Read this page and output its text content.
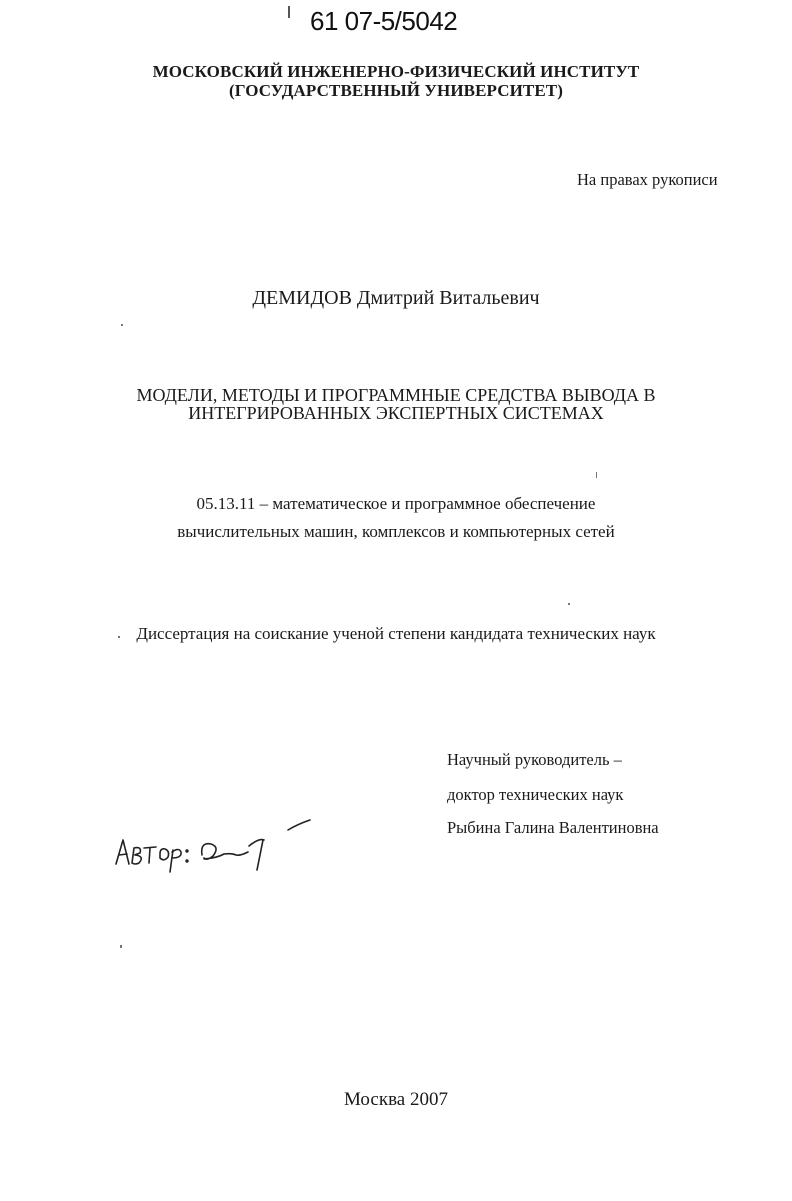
61 07-5/5042
МОСКОВСКИЙ ИНЖЕНЕРНО-ФИЗИЧЕСКИЙ ИНСТИТУТ
(ГОСУДАРСТВЕННЫЙ УНИВЕРСИТЕТ)
На правах рукописи
ДЕМИДОВ Дмитрий Витальевич
МОДЕЛИ, МЕТОДЫ И ПРОГРАММНЫЕ СРЕДСТВА ВЫВОДА В
ИНТЕГРИРОВАННЫХ ЭКСПЕРТНЫХ СИСТЕМАХ
05.13.11 – математическое и программное обеспечение
вычислительных машин, комплексов и компьютерных сетей
Диссертация на соискание ученой степени кандидата технических наук
Научный руководитель –
доктор технических наук
Рыбина Галина Валентиновна
Москва 2007
